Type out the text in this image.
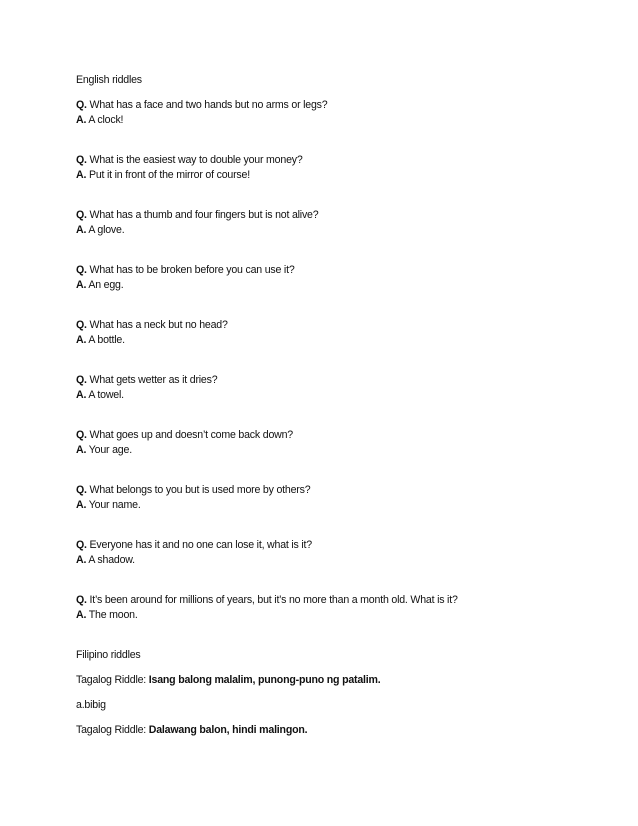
English riddles

Q. What has a face and two hands but no arms or legs?

A. A clock!

Q. What is the easiest way to double your money?

A. Put it in front of the mirror of course!

Q. What has a thumb and four fingers but is not alive?

A. A glove.

Q. What has to be broken before you can use it?

A. An egg.

Q. What has a neck but no head?

A. A bottle.

Q. What gets wetter as it dries?

A. A towel.

Q. What goes up and doesn’t come back down?

A. Your age.

Q. What belongs to you but is used more by others?

A. Your name.

Q. Everyone has it and no one can lose it, what is it?

A. A shadow.

Q. It’s been around for millions of years, but it’s no more than a month old. What is it?

A. The moon.

Filipino riddles

Tagalog Riddle: Isang balong malalim, punong-puno ng patalim.

a.bibig

Tagalog Riddle: Dalawang balon, hindi malingon.
